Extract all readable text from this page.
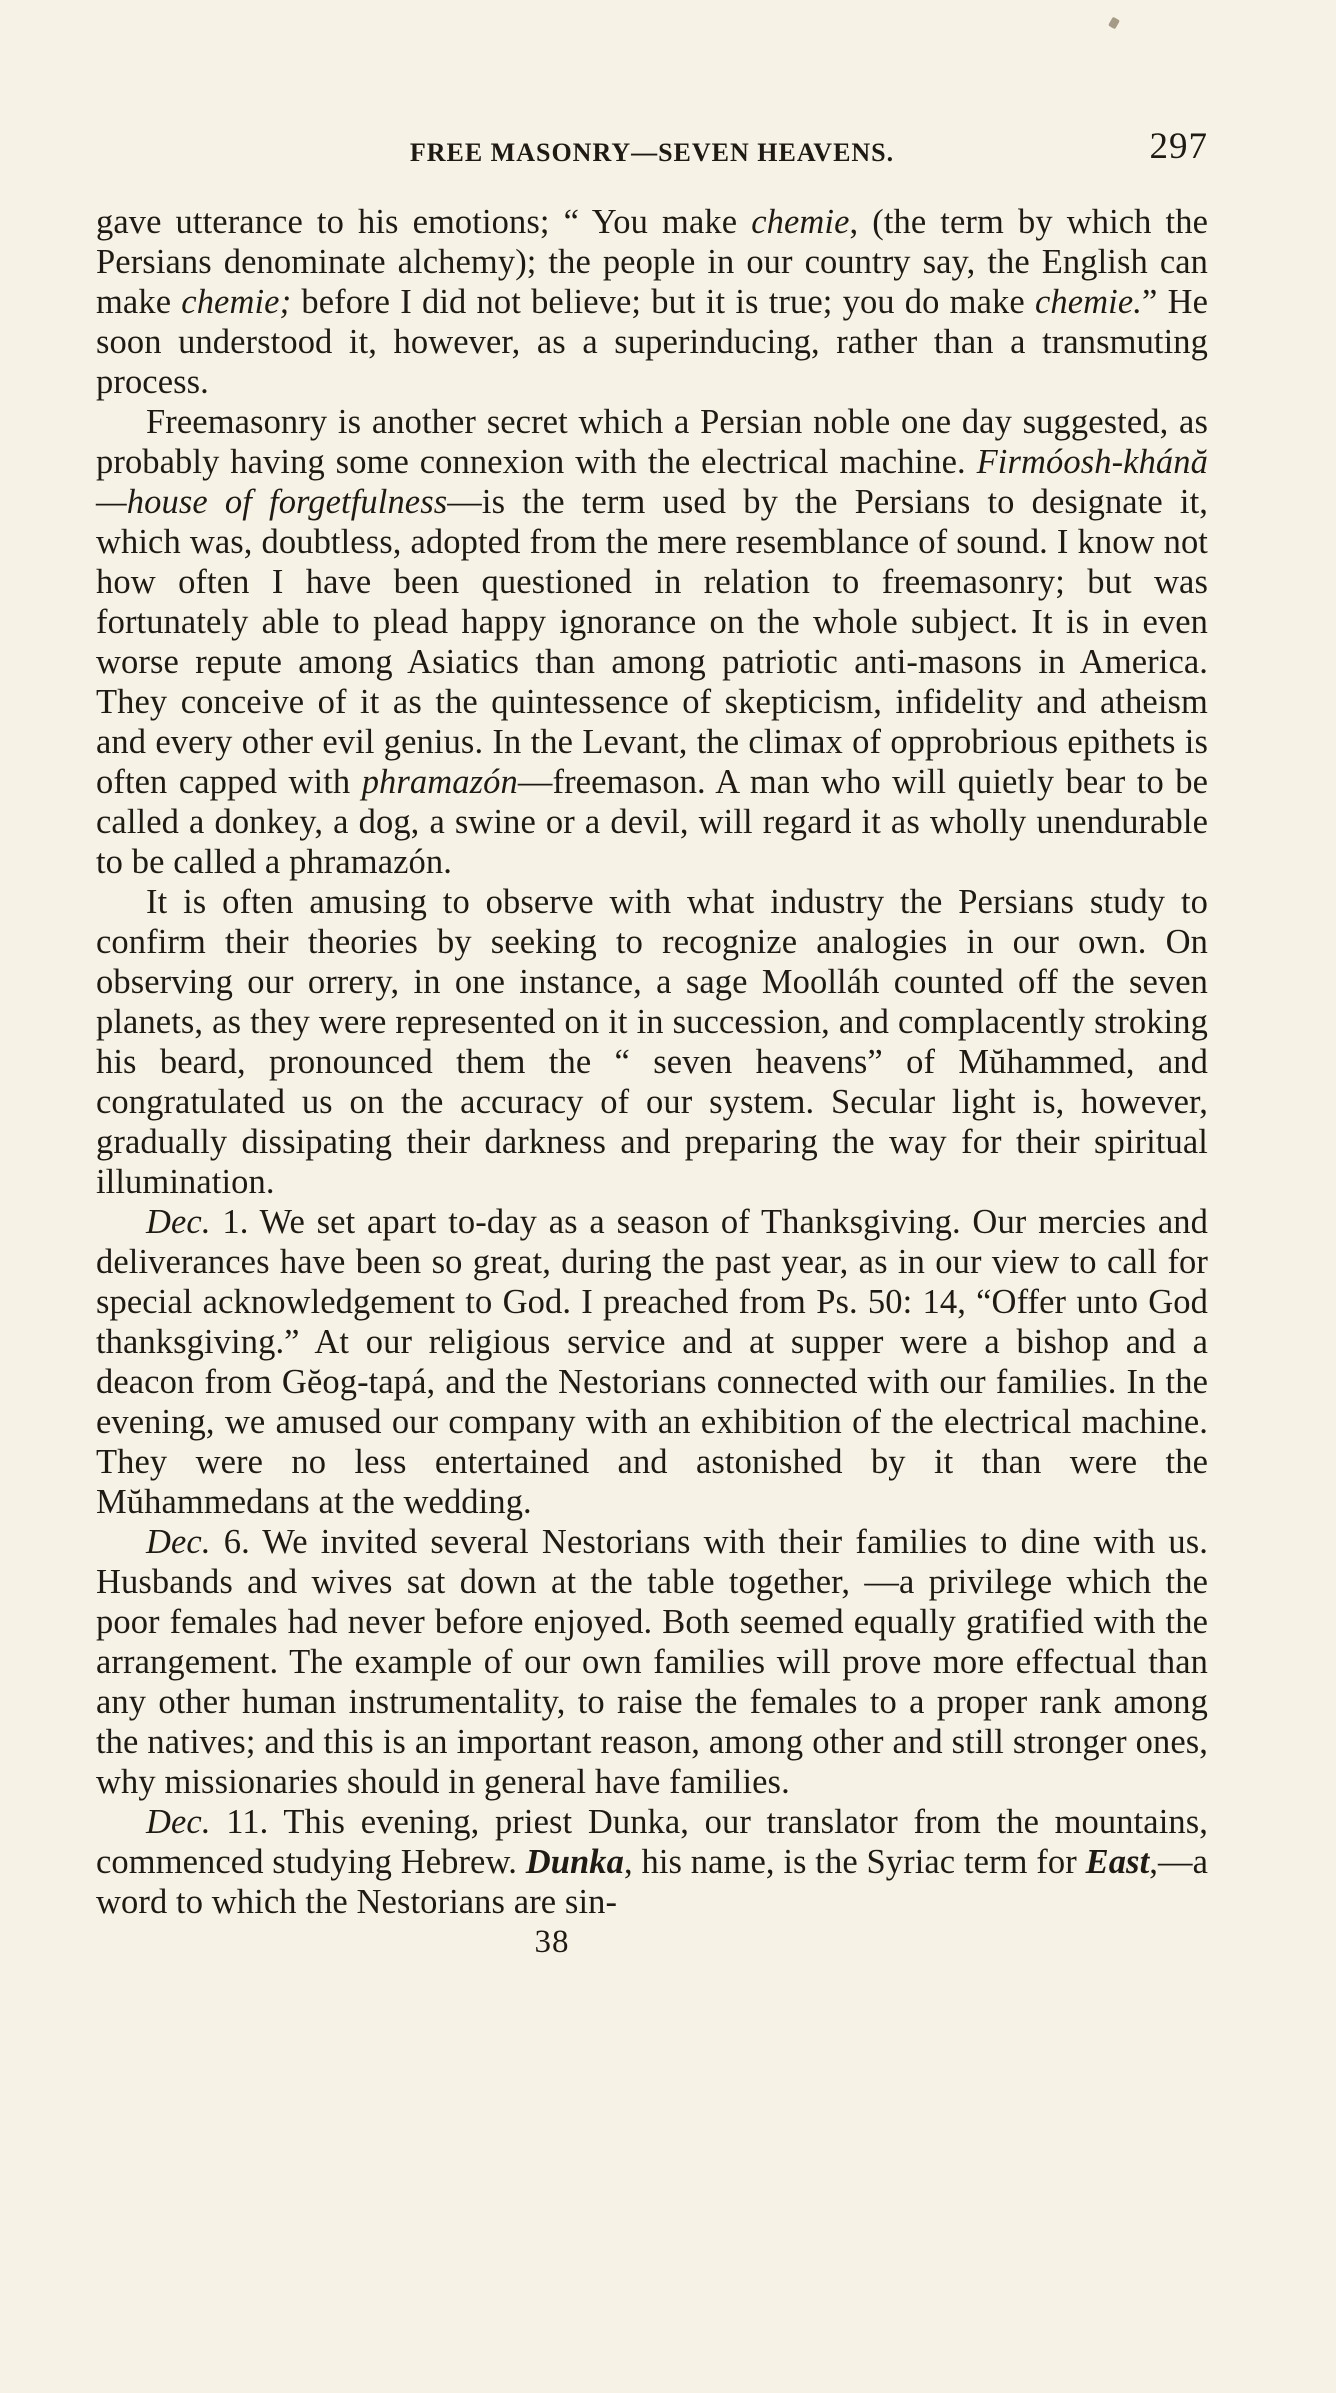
FREE MASONRY—SEVEN HEAVENS.	297

gave utterance to his emotions; “ You make chemie, (the term by which the Persians denominate alchemy); the people in our country say, the English can make chemie; before I did not believe; but it is true; you do make chemie.” He soon understood it, however, as a superinducing, rather than a transmuting process.

Freemasonry is another secret which a Persian noble one day suggested, as probably having some connexion with the electrical machine. Firmóosh-khánă—house of forgetfulness—is the term used by the Persians to designate it, which was, doubtless, adopted from the mere resemblance of sound. I know not how often I have been questioned in relation to freemasonry; but was fortunately able to plead happy ignorance on the whole subject. It is in even worse repute among Asiatics than among patriotic anti-masons in America. They conceive of it as the quintessence of skepticism, infidelity and atheism and every other evil genius. In the Levant, the climax of opprobrious epithets is often capped with phramazón—freemason. A man who will quietly bear to be called a donkey, a dog, a swine or a devil, will regard it as wholly unendurable to be called a phramazón.

It is often amusing to observe with what industry the Persians study to confirm their theories by seeking to recognize analogies in our own. On observing our orrery, in one instance, a sage Moolláh counted off the seven planets, as they were represented on it in succession, and complacently stroking his beard, pronounced them the “ seven heavens” of Mŭhammed, and congratulated us on the accuracy of our system. Secular light is, however, gradually dissipating their darkness and preparing the way for their spiritual illumination.

Dec. 1. We set apart to-day as a season of Thanksgiving. Our mercies and deliverances have been so great, during the past year, as in our view to call for special acknowledgement to God. I preached from Ps. 50: 14, “Offer unto God thanksgiving.” At our religious service and at supper were a bishop and a deacon from Gĕog-tapá, and the Nestorians connected with our families. In the evening, we amused our company with an exhibition of the electrical machine. They were no less entertained and astonished by it than were the Mŭhammedans at the wedding.

Dec. 6. We invited several Nestorians with their families to dine with us. Husbands and wives sat down at the table together, —a privilege which the poor females had never before enjoyed. Both seemed equally gratified with the arrangement. The example of our own families will prove more effectual than any other human instrumentality, to raise the females to a proper rank among the natives; and this is an important reason, among other and still stronger ones, why missionaries should in general have families.

Dec. 11. This evening, priest Dunka, our translator from the mountains, commenced studying Hebrew. Dunka, his name, is the Syriac term for East,—a word to which the Nestorians are sin-

38
